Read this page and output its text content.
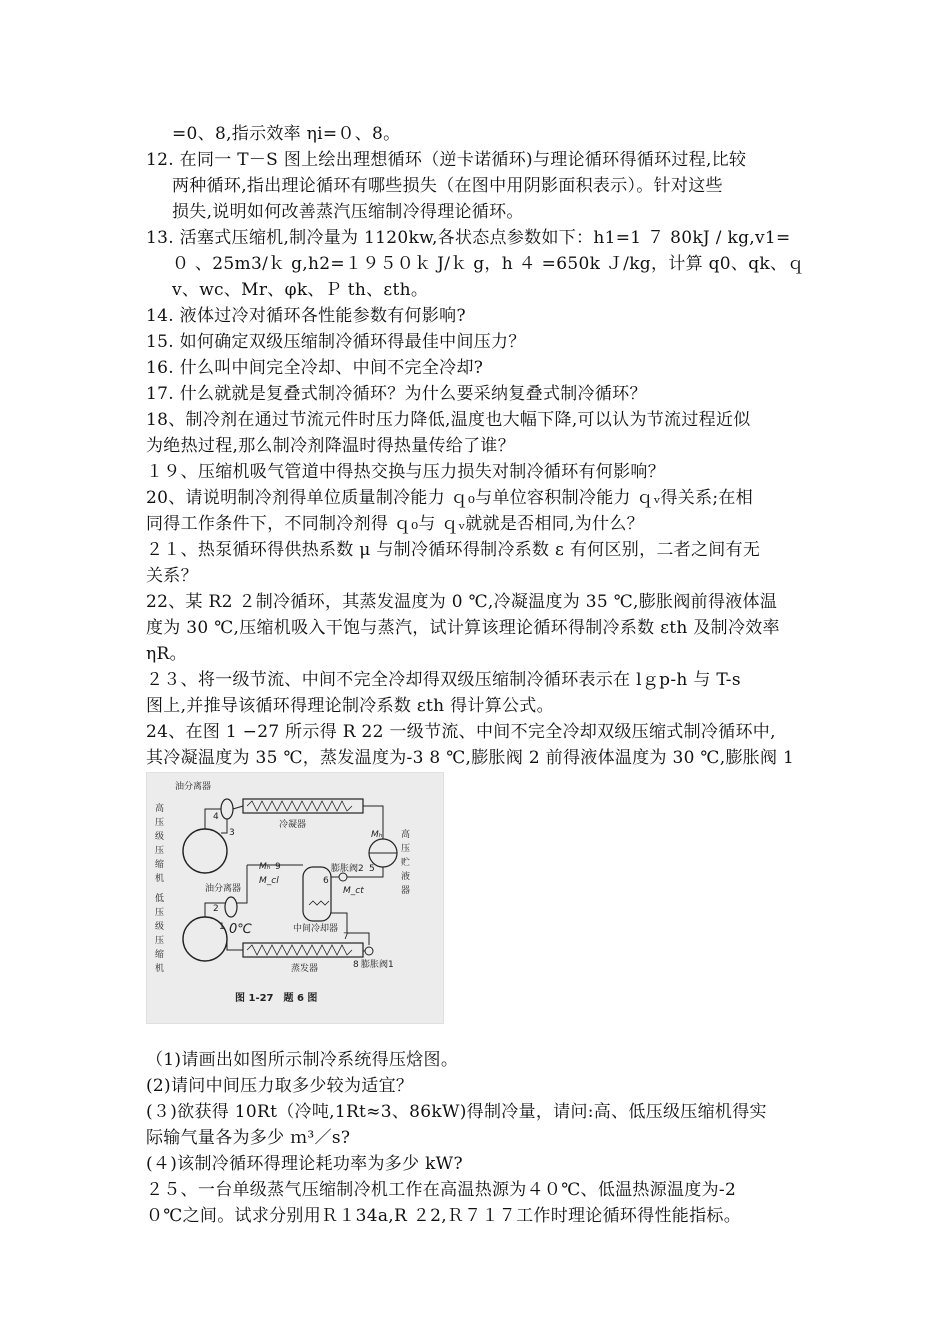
=0、8,指示效率 ηi=０、8。
12. 在同一 T－S 图上绘出理想循环（逆卡诺循环)与理论循环得循环过程,比较
两种循环,指出理论循环有哪些损失（在图中用阴影面积表示）。针对这些
损失,说明如何改善蒸汽压缩制冷得理论循环。
13. 活塞式压缩机,制冷量为 1120kw,各状态点参数如下：h1=1 ７ 80kJ / kg,v1=
０ 、25m3/ｋ g,h2=１９５０ｋ J/ｋ g，h ４ =650k Ｊ/kg，计算 q0、qk、ｑ
v、wc、Mr、φk、Ｐ th、εth。
14. 液体过冷对循环各性能参数有何影响?
15. 如何确定双级压缩制冷循环得最佳中间压力？
16. 什么叫中间完全冷却、中间不完全冷却?
17. 什么就就是复叠式制冷循环？为什么要采纳复叠式制冷循环？
18、制冷剂在通过节流元件时压力降低,温度也大幅下降,可以认为节流过程近似
为绝热过程,那么制冷剂降温时得热量传给了谁？
１９、压缩机吸气管道中得热交换与压力损失对制冷循环有何影响？
20、请说明制冷剂得单位质量制冷能力 ｑ₀与单位容积制冷能力 ｑᵥ得关系;在相
同得工作条件下，不同制冷剂得 ｑ₀与 ｑᵥ就就是否相同,为什么？
２１、热泵循环得供热系数 μ 与制冷循环得制冷系数 ε 有何区别，二者之间有无
关系？
22、某 R2 ２制冷循环，其蒸发温度为 0 ℃,冷凝温度为 35 ℃,膨胀阀前得液体温
度为 30 ℃,压缩机吸入干饱与蒸汽，试计算该理论循环得制冷系数 εth 及制冷效率
ηR。
２３、将一级节流、中间不完全冷却得双级压缩制冷循环表示在 lｇp-h 与 T-s
图上,并推导该循环得理论制冷系数 εth 得计算公式。
24、在图 1 −27 所示得 R 22 一级节流、中间不完全冷却双级压缩式制冷循环中,
其冷凝温度为 35 ℃，蒸发温度为-3 8 ℃,膨胀阀 2 前得液体温度为 30 ℃,膨胀阀 1
（1)请画出如图所示制冷系统得压焓图。
(2)请问中间压力取多少较为适宜？
(３)欲获得 10Rt（冷吨,1Rt≈3、86kW)得制冷量，请问:高、低压级压缩机得实
际输气量各为多少 ｍ³／s?
(４)该制冷循环得理论耗功率为多少 kW?
２５、一台单级蒸气压缩制冷机工作在高温热源为４０℃、低温热源温度为-2
０℃之间。试求分别用Ｒ１34a,R ２2,Ｒ７１７工作时理论循环得性能指标。
冷凝器
油分离器
高
压
级
压
缩
机
4
3	高
压
贮
液
器
Mₕ
中间冷却器
Mₕ
M_cl
9	膨胀阀2 5
6
M_ct
油分离器
低
压
级
压
缩
机
2
1 0℃
蒸发器
7
8 膨胀阀1
图 1-27　题 6 图
